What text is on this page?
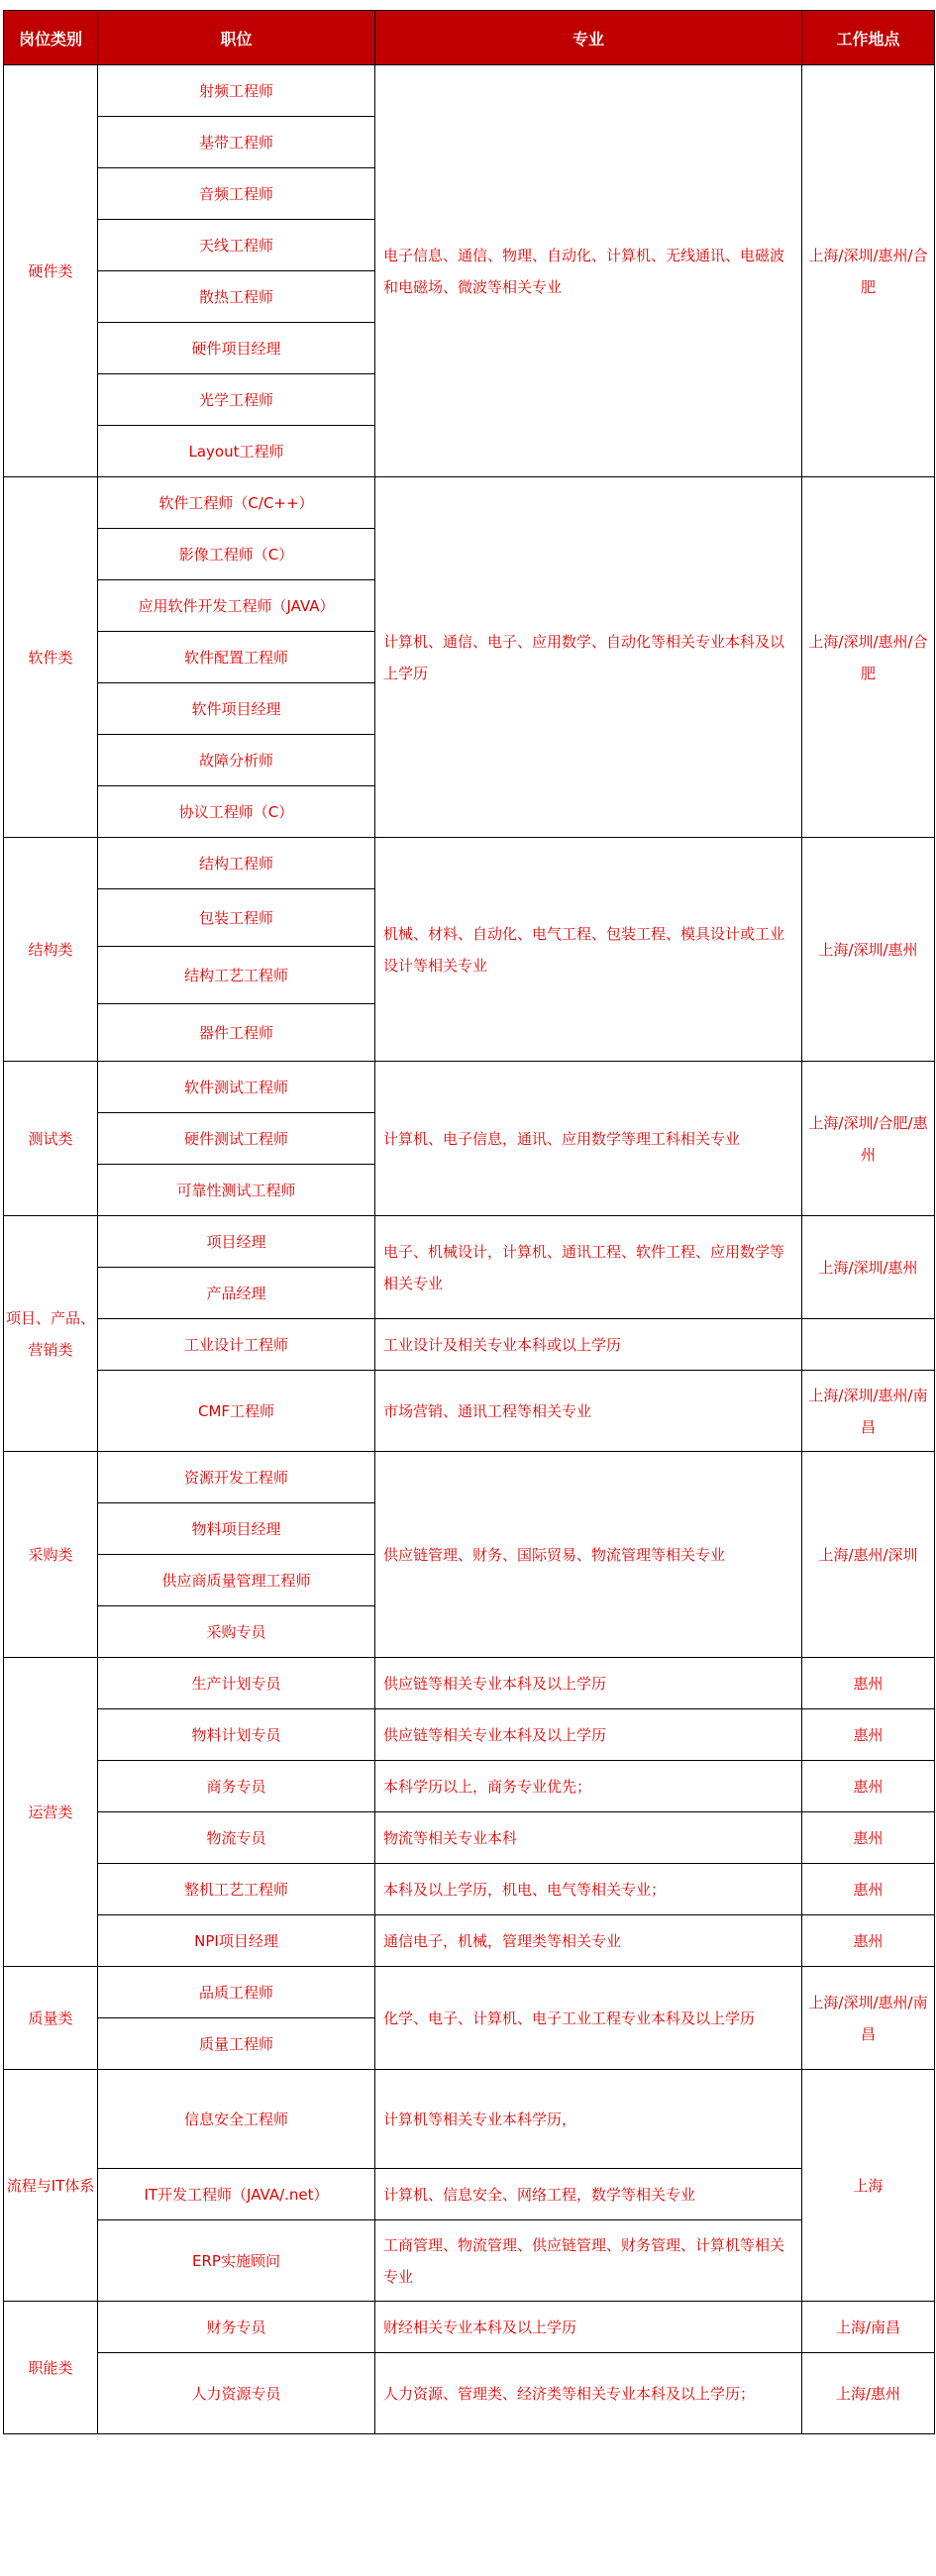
岗位类别	职位	专业	工作地点
硬件类	射频工程师	电子信息、通信、物理、自动化、计算机、无线通讯、电磁波和电磁场、微波等相关专业	上海/深圳/惠州/合肥
	基带工程师		
	音频工程师		
	天线工程师		
	散热工程师		
	硬件项目经理		
	光学工程师		
	Layout工程师		
软件类	软件工程师（C/C++）	计算机、通信、电子、应用数学、自动化等相关专业本科及以上学历	上海/深圳/惠州/合肥
	影像工程师（C）		
	应用软件开发工程师（JAVA）		
	软件配置工程师		
	软件项目经理		
	故障分析师		
	协议工程师（C）		
结构类	结构工程师	机械、材料、自动化、电气工程、包装工程、模具设计或工业设计等相关专业	上海/深圳/惠州
	包装工程师		
	结构工艺工程师		
	器件工程师		
测试类	软件测试工程师	计算机、电子信息，通讯、应用数学等理工科相关专业	上海/深圳/合肥/惠州
	硬件测试工程师		
	可靠性测试工程师		
项目、产品、营销类	项目经理	电子、机械设计，计算机、通讯工程、软件工程、应用数学等相关专业	上海/深圳/惠州
	产品经理		
	工业设计工程师	工业设计及相关专业本科或以上学历	
	CMF工程师	市场营销、通讯工程等相关专业	上海/深圳/惠州/南昌
采购类	资源开发工程师	供应链管理、财务、国际贸易、物流管理等相关专业	上海/惠州/深圳
	物料项目经理		
	供应商质量管理工程师		
	采购专员		
运营类	生产计划专员	供应链等相关专业本科及以上学历	惠州
	物料计划专员	供应链等相关专业本科及以上学历	惠州
	商务专员	本科学历以上，商务专业优先；	惠州
	物流专员	物流等相关专业本科	惠州
	整机工艺工程师	本科及以上学历，机电、电气等相关专业；	惠州
	NPI项目经理	通信电子，机械，管理类等相关专业	惠州
质量类	品质工程师	化学、电子、计算机、电子工业工程专业本科及以上学历	上海/深圳/惠州/南昌
	质量工程师		
流程与IT体系	信息安全工程师	计算机等相关专业本科学历，	上海
	IT开发工程师（JAVA/.net）	计算机、信息安全、网络工程，数学等相关专业	
	ERP实施顾问	工商管理、物流管理、供应链管理、财务管理、计算机等相关专业	
职能类	财务专员	财经相关专业本科及以上学历	上海/南昌
	人力资源专员	人力资源、管理类、经济类等相关专业本科及以上学历；	上海/惠州
